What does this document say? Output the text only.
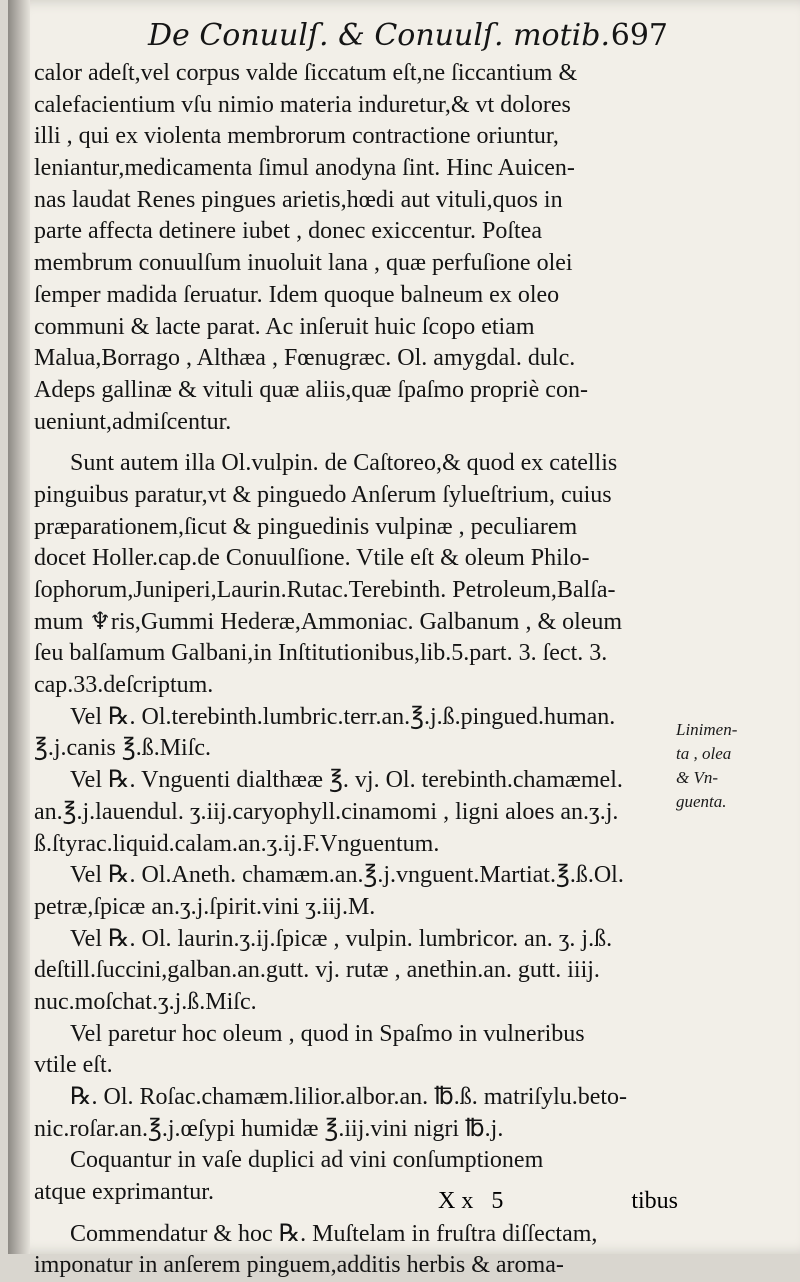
De Conuulſ. & Conuulſ. motib. 697
calor adeſt,vel corpus valde ſiccatum eſt,ne ſiccantium &
calefacientium vſu nimio materia induretur,& vt dolores
illi , qui ex violenta membrorum contractione oriuntur,
leniantur,medicamenta ſimul anodyna ſint. Hinc Auicen-
nas laudat Renes pingues arietis,hœdi aut vituli,quos in
parte affecta detinere iubet , donec exiccentur. Poſtea
membrum conuulſum inuoluit lana , quæ perfuſione olei
ſemper madida ſeruatur. Idem quoque balneum ex oleo
communi & lacte parat. Ac inſeruit huic ſcopo etiam
Malua,Borrago , Althæa , Fœnugræc. Ol. amygdal. dulc.
Adeps gallinæ & vituli quæ aliis,quæ ſpaſmo propriè con-
ueniunt,admiſcentur.
Sunt autem illa Ol.vulpin. de Caſtoreo,& quod ex catellis
pinguibus paratur,vt & pinguedo Anſerum ſylueſtrium, cuius
præparationem,ſicut & pinguedinis vulpinæ , peculiarem
docet Holler.cap.de Conuulſione. Vtile eſt & oleum Philo-
ſophorum,Juniperi,Laurin.Rutac.Terebinth. Petroleum,Balſa-
mum ♆ris,Gummi Hederæ,Ammoniac. Galbanum , & oleum
ſeu balſamum Galbani,in Inſtitutionibus,lib.5.part. 3. ſect. 3.
cap.33.deſcriptum.
Vel ℞. Ol.terebinth.lumbric.terr.an.℥.j.ß.pingued.human.
℥.j.canis ℥.ß.Miſc.
Vel ℞. Vnguenti dialthææ ℥. vj. Ol. terebinth.chamæmel.
an.℥.j.lauendul. ʒ.iij.caryophyll.cinamomi , ligni aloes an.ʒ.j.
ß.ſtyrac.liquid.calam.an.ʒ.ij.F.Vnguentum.
Vel ℞. Ol.Aneth. chamæm.an.℥.j.vnguent.Martiat.℥.ß.Ol.
petræ,ſpicæ an.ʒ.j.ſpirit.vini ʒ.iij.M.
Vel ℞. Ol. laurin.ʒ.ij.ſpicæ , vulpin. lumbricor. an. ʒ. j.ß.
deſtill.ſuccini,galban.an.gutt. vj. rutæ , anethin.an. gutt. iiij.
nuc.moſchat.ʒ.j.ß.Miſc.
Vel paretur hoc oleum , quod in Spaſmo in vulneribus
vtile eſt.
℞. Ol. Roſac.chamæm.lilior.albor.an. ℔.ß. matriſylu.beto-
nic.roſar.an.℥.j.œſypi humidæ ℥.iij.vini nigri ℔.j.
Coquantur in vaſe duplici ad vini conſumptionem
atque exprimantur.
Commendatur & hoc ℞. Muſtelam in fruſtra diſſectam,
imponatur in anſerem pinguem,additis herbis & aroma-
Linimen-
ta , olea
& Vn-
guenta.
Xx 5	tibus
